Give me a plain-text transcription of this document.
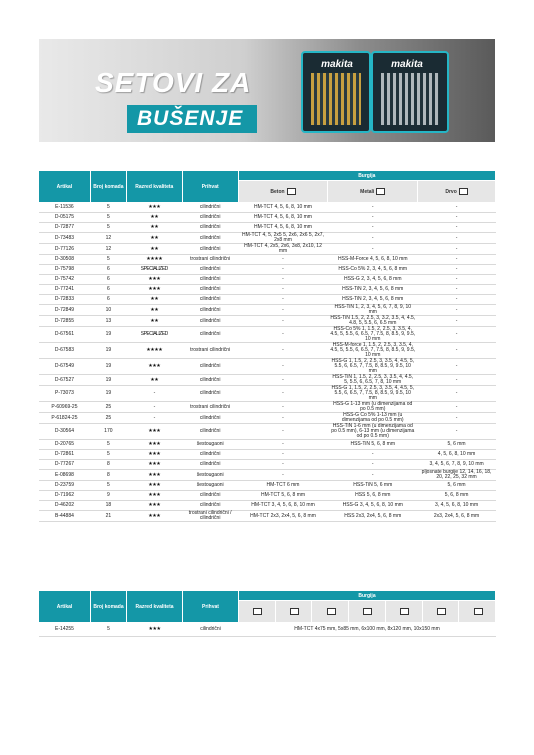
SETOVI ZA
BUŠENJE
makita	makita
Artikal	Broj komada	Razred kvaliteta	Prihvat	Burgija		
				Beton	Metali	Drvo
E-11536	5	★★★	cilindrični	HM-TCT 4, 5, 6, 8, 10 mm	-	-
D-05175	5	★★	cilindrični	HM-TCT 4, 5, 6, 8, 10 mm	-	-
D-72877	5	★★	cilindrični	HM-TCT 4, 5, 6, 8, 10 mm	-	-
D-73483	12	★★	cilindrični	HM-TCT 4, 5, 2x5 5, 2x6, 2x6 5, 2x7, 2x8 mm	-	-
D-77126	12	★★	cilindrični	HM-TCT 4, 2x5, 2x6, 3x8, 2x10, 12 mm	-	-
D-30508	5	★★★★	trostrani cilindrični	-	HSS-M-Force 4, 5, 6, 8, 10 mm	-
D-75798	6	SPECIALIZED	cilindrični	-	HSS-Co 5% 2, 3, 4, 5, 6, 8 mm	-
D-75742	6	★★★	cilindrični	-	HSS-G 2, 3, 4, 5, 6, 8 mm	-
D-77241	6	★★★	cilindrični	-	HSS-TiN 2, 3, 4, 5, 6, 8 mm	-
D-72833	6	★★	cilindrični	-	HSS-TiN 2, 3, 4, 5, 6, 8 mm	-
D-72849	10	★★	cilindrični	-	HSS-TiN 1, 2, 3, 4, 5, 6, 7, 8, 9, 10 mm	-
D-72855	13	★★	cilindrični	-	HSS-TiN 1.5, 2, 2.5, 3, 3.2, 3.5, 4, 4.5, 4.8, 5, 5.5, 6, 6.5 mm	-
D-67561	19	SPECIALIZED	cilindrični	-	HSS-Co 5% 1, 1.5, 2, 2.5, 3, 3.5, 4, 4.5, 5, 5.5, 6, 6.5, 7, 7.5, 8, 8.5, 9, 9.5, 10 mm	-
D-67583	19	★★★★	trostrani cilindrični	-	HSS-M-force 1, 1.5, 2, 2.5, 3, 3.5, 4, 4.5, 5, 5.5, 6, 6.5, 7, 7.5, 8, 8.5, 9, 9.5, 10 mm	-
D-67549	19	★★★	cilindrični	-	HSS-G 1, 1.5, 2, 2.5, 3, 3.5, 4, 4.5, 5, 5.5, 6, 6.5, 7, 7.5, 8, 8.5, 9, 9.5, 10 mm	-
D-67527	19	★★	cilindrični	-	HSS-TiN 1, 1.5, 2, 2.5, 3, 3.5, 4, 4.5, 5, 5.5, 6, 6.5, 7, 8, 10 mm	-
P-73073	19	-	cilindrični	-	HSS-G 1, 1.5, 2, 2.5, 3, 3.5, 4, 4.5, 5, 5.5, 6, 6.5, 7, 7.5, 8, 8.5, 9, 9.5, 10 mm	-
P-60969-25	25	-	trostrani cilindrični	-	HSS-G 1-13 mm (u dimenzijama od po 0.5 mm)	-
P-61824-25	25	-	cilindrični	-	HSS-G Co 5% 1-13 mm (u dimenzijama od po 0.5 mm)	-
D-30564	170	★★★	cilindrični	-	HSS-TiN 1-6 mm (u dimenzijama od po 0.5 mm), 6-13 mm (u dimenzijama od po 0.5 mm)	-
D-20765	5	★★★	šestougaoni	-	HSS-TiN 5, 6, 8 mm	5, 6 mm
D-72861	5	★★★	cilindrični	-	-	4, 5, 6, 8, 10 mm
D-77267	8	★★★	cilindrični	-	-	3, 4, 5, 6, 7, 8, 9, 10 mm
E-08698	8	★★★	šestougaoni	-	-	pljosnate burgije 12, 14, 16, 18, 20, 22, 25, 32 mm
D-23759	5	★★★	šestougaoni	HM-TCT 6 mm	HSS-TiN 5, 6 mm	5, 6 mm
D-71962	9	★★★	cilindrični	HM-TCT 5, 6, 8 mm	HSS 5, 6, 8 mm	5, 6, 8 mm
D-46202	18	★★★	cilindrični	HM-TCT 3, 4, 5, 6, 8, 10 mm	HSS-G 3, 4, 5, 6, 8, 10 mm	3, 4, 5, 6, 8, 10 mm
B-44884	21	★★★	trostrani cilindrični / cilindrični	HM-TCT 2x3, 2x4, 5, 6, 8 mm	HSS 2x3, 2x4, 5, 6, 8 mm	2x3, 2x4, 5, 6, 8 mm
Artikal	Broj komada	Razred kvaliteta	Prihvat	Burgija						

E-14255	5	★★★	cilindrični	HM-TCT 4x75 mm, 5x85 mm, 6x100 mm, 8x120 mm, 10x150 mm						
